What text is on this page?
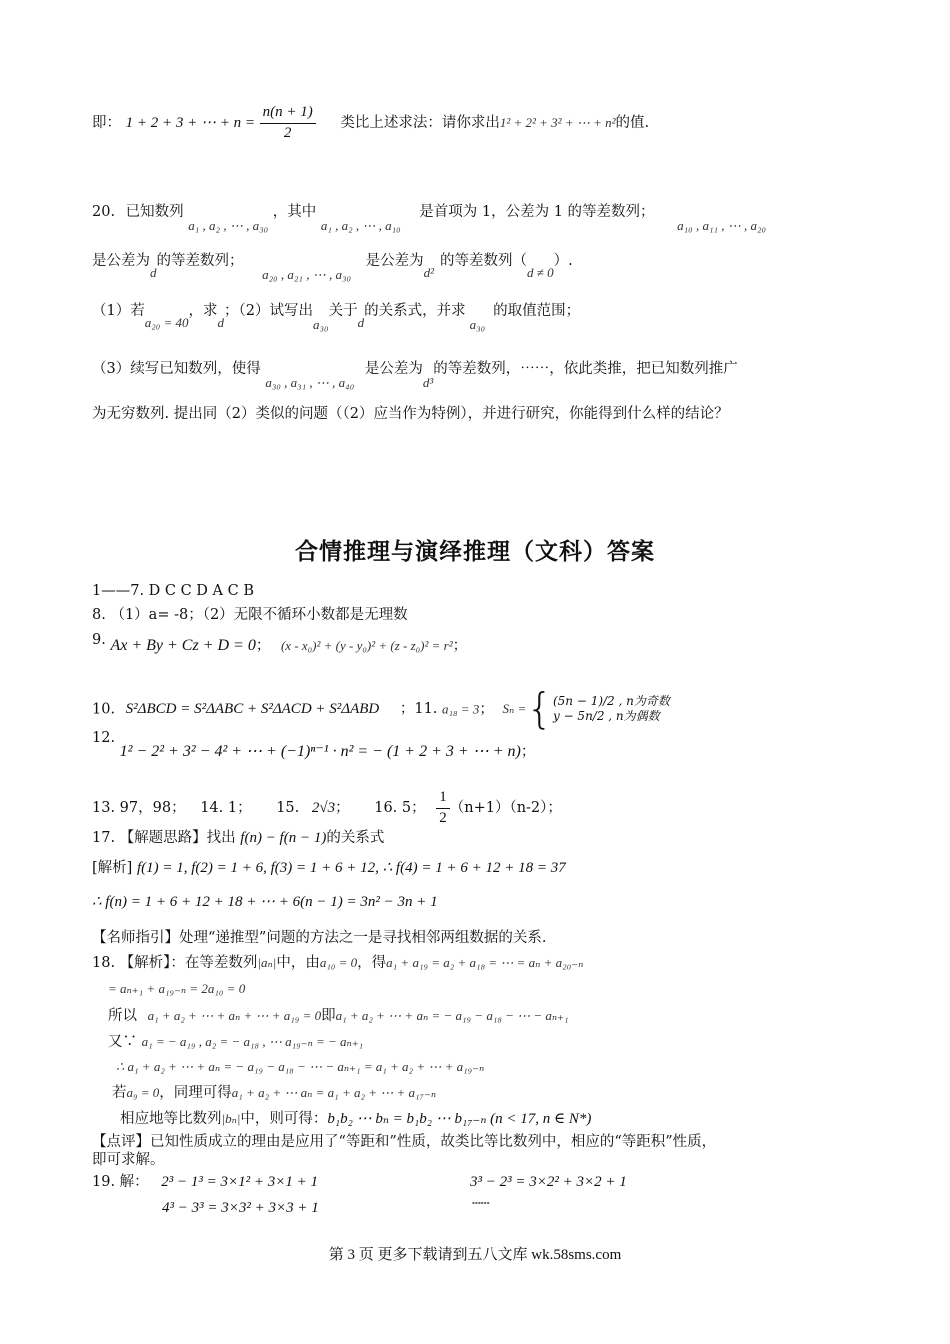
即： 1 + 2 + 3 + ⋯ + $n = \frac{n(n + 1)}{2}$ 类比上述求法：请你求出1² + 2² + 3² + ⋯ + n²的值.
20. 已知数列 a₁ , a₂ , ⋯ , a₃₀ ，其中 a₁ , a₂ , ⋯ , a₁₀ 是首项为 1，公差为 1 的等差数列； a₁₀ , a₁₁ , ⋯ , a₂₀
是公差为d的等差数列； a₂₀ , a₂₁ , ⋯ , a₃₀ 是公差为d²的等差数列（d ≠ 0）.
（1）若a₂₀ = 40，求d；（2）试写出a₃₀关于d的关系式，并求a₃₀的取值范围；
（3）续写已知数列，使得 a₃₀ , a₃₁ , ⋯ , a₄₀ 是公差为d³的等差数列，⋯⋯，依此类推，把已知数列推广
为无穷数列. 提出同（2）类似的问题（（2）应当作为特例），并进行研究，你能得到什么样的结论？
合情推理与演绎推理（文科）答案
1——7. D C C D A C B
8. （1）a= -8；（2）无限不循环小数都是无理数
9. Ax + By + Cz + D = 0； (x - x₀)² + (y - y₀)² + (z - z₀)² = r²；
10. S²ΔBCD = S²ΔABC + S²ΔACD + S²ΔABD ；11. a₁₈ = 3； Sₙ ={ (5n − 1)/2 , n为奇数
y − 5n/2 , n为偶数
12. 1² − 2² + 3² − 4² + ⋯ + (−1)ⁿ⁻¹ · n² = − (1 + 2 + 3 + ⋯ + n)；
13. 97，98； 14. 1； 15. 2√3； 16. 5； $\frac{1}{2} (n+1)(n-2)$；
17. 【解题思路】找出 f(n) − f(n − 1)的关系式
[解析] f(1) = 1, f(2) = 1 + 6, f(3) = 1 + 6 + 12, ∴ f(4) = 1 + 6 + 12 + 18 = 37
∴ f(n) = 1 + 6 + 12 + 18 + ⋯ + 6(n − 1) = 3n² − 3n + 1
【名师指引】处理“递推型”问题的方法之一是寻找相邻两组数据的关系.
18. 【解析】：在等差数列|aₙ|中，由a₁₀ = 0，得a₁ + a₁₉ = a₂ + a₁₈ = ⋯ = aₙ + a₂₀₋ₙ
= aₙ₊₁ + a₁₉₋ₙ = 2a₁₀ = 0
所以 a₁ + a₂ + ⋯ + aₙ + ⋯ + a₁₉ = 0即a₁ + a₂ + ⋯ + aₙ = − a₁₉ − a₁₈ − ⋯ − aₙ₊₁
又∵ a₁ = − a₁₉ , a₂ = − a₁₈ , ⋯ a₁₉₋ₙ = − aₙ₊₁
∴ a₁ + a₂ + ⋯ + aₙ = − a₁₉ − a₁₈ − ⋯ − aₙ₊₁ = a₁ + a₂ + ⋯ + a₁₉₋ₙ
若a₉ = 0，同理可得a₁ + a₂ + ⋯ aₙ = a₁ + a₂ + ⋯ + a₁₇₋ₙ
相应地等比数列|bₙ|中，则可得：b₁b₂ ⋯ bₙ = b₁b₂ ⋯ b₁₇₋ₙ (n < 17, n ∈ N*)
【点评】已知性质成立的理由是应用了“等距和”性质，故类比等比数列中，相应的“等距积”性质，
即可求解。
19. 解： 2³ − 1³ = 3×1² + 3×1 + 1	3³ − 2³ = 3×2² + 3×2 + 1
4³ − 3³ = 3×3² + 3×3 + 1	┄┄
第 3 页 更多下载请到五八文库 wk.58sms.com
